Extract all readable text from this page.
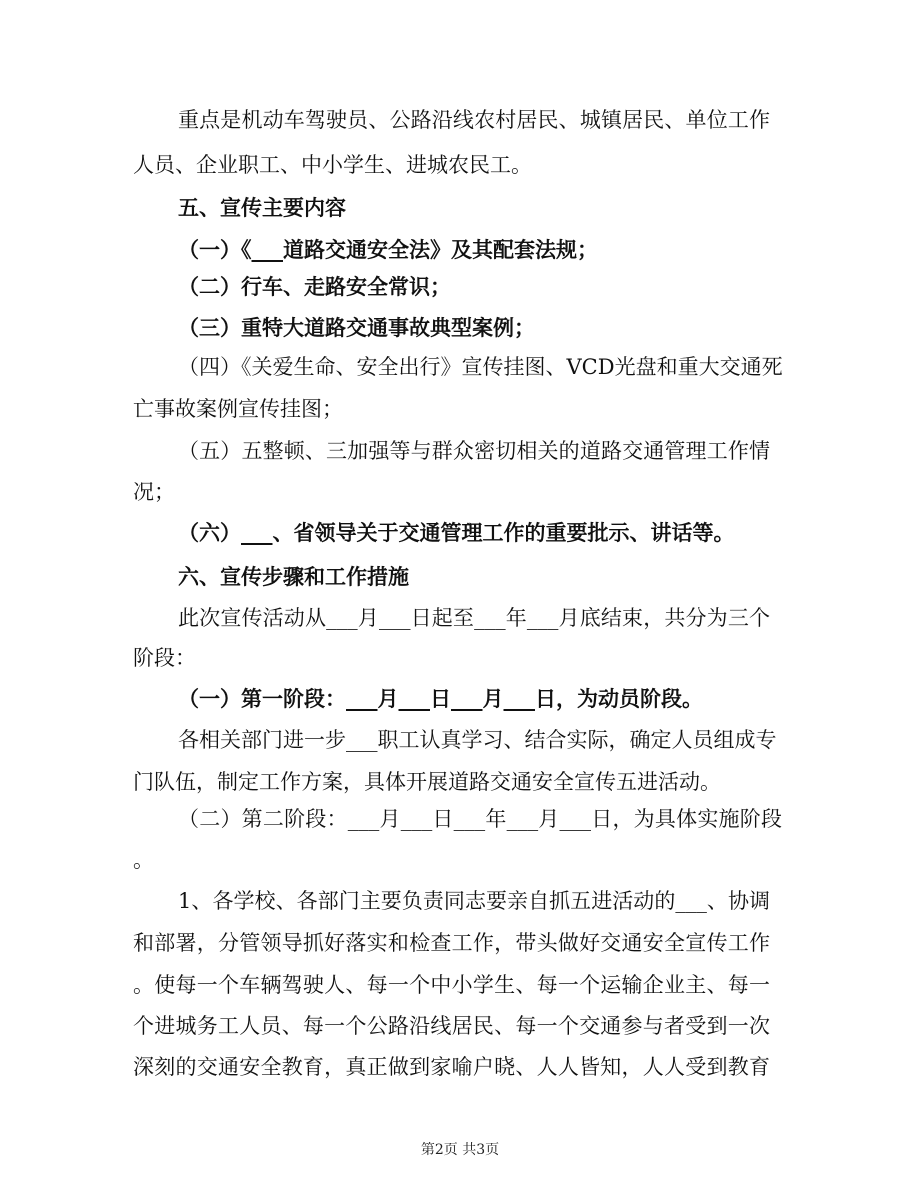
重点是机动车驾驶员、公路沿线农村居民、城镇居民、单位工作
人员、企业职工、中小学生、进城农民工。
五、宣传主要内容
（一）《___道路交通安全法》及其配套法规；
（二）行车、走路安全常识；
（三）重特大道路交通事故典型案例；
（四）《关爱生命、安全出行》宣传挂图、VCD光盘和重大交通死
亡事故案例宣传挂图；
（五）五整顿、三加强等与群众密切相关的道路交通管理工作情
况；
（六）___、省领导关于交通管理工作的重要批示、讲话等。
六、宣传步骤和工作措施
此次宣传活动从___月___日起至___年___月底结束，共分为三个
阶段：
（一）第一阶段：___月___日___月___日，为动员阶段。
各相关部门进一步___职工认真学习、结合实际，确定人员组成专
门队伍，制定工作方案，具体开展道路交通安全宣传五进活动。
（二）第二阶段：___月___日___年___月___日，为具体实施阶段
。
1、各学校、各部门主要负责同志要亲自抓五进活动的___、协调
和部署，分管领导抓好落实和检查工作，带头做好交通安全宣传工作
。使每一个车辆驾驶人、每一个中小学生、每一个运输企业主、每一
个进城务工人员、每一个公路沿线居民、每一个交通参与者受到一次
深刻的交通安全教育，真正做到家喻户晓、人人皆知，人人受到教育
第2页 共3页
